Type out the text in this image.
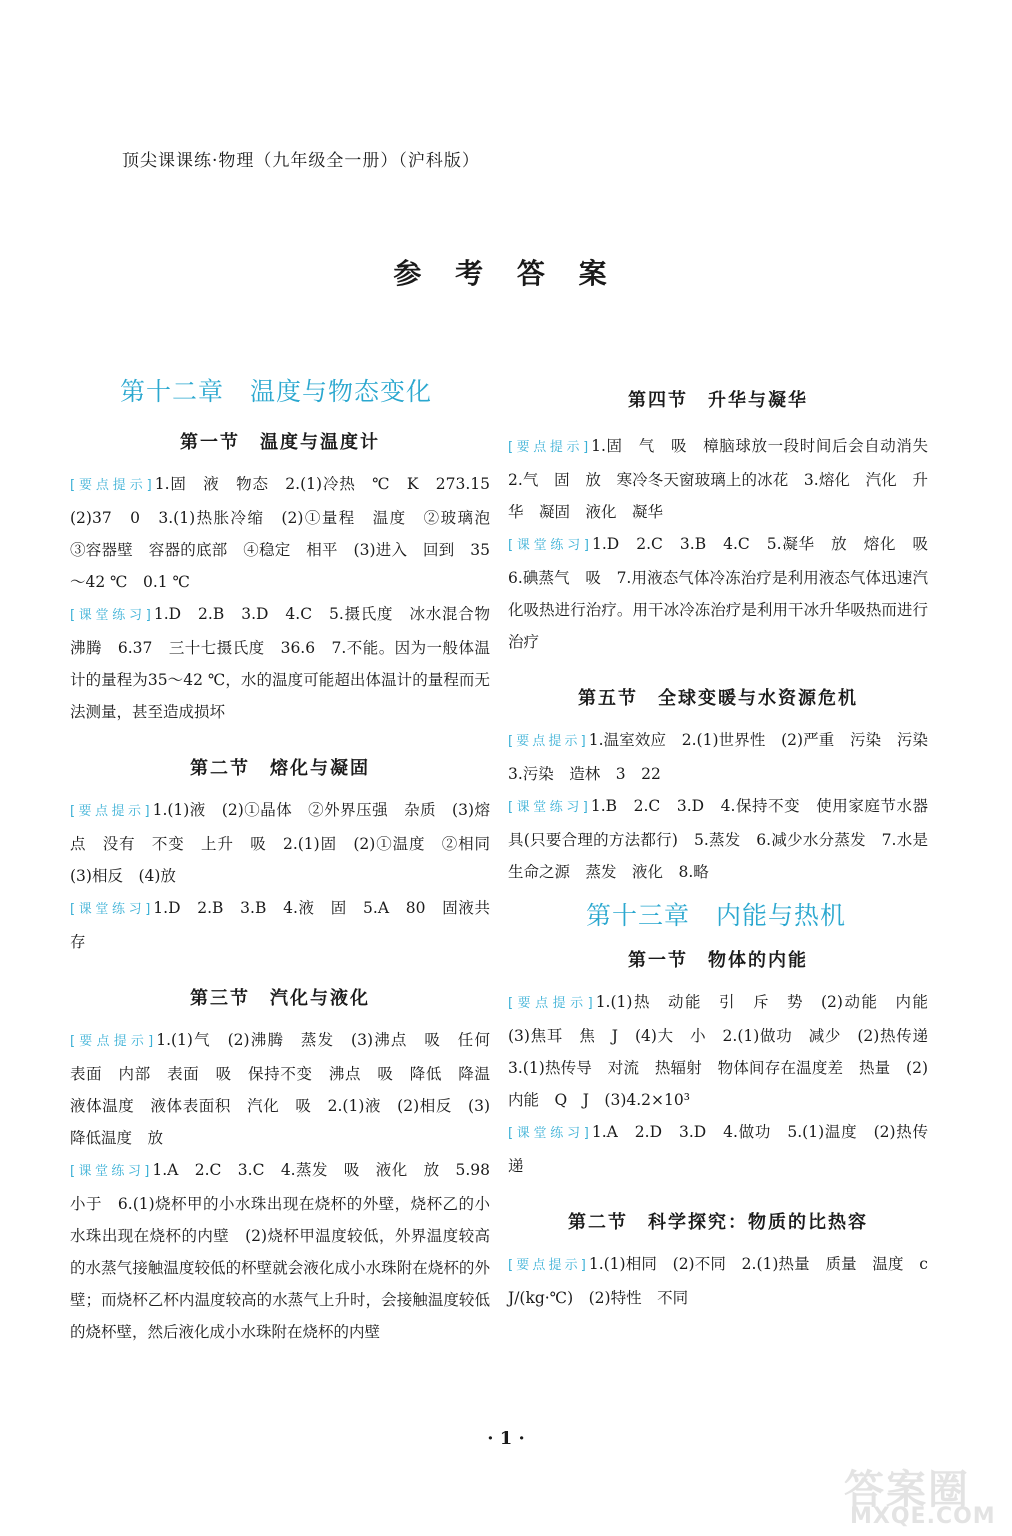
顶尖课课练·物理（九年级全一册）（沪科版）
参 考 答 案
第十二章　温度与物态变化
第一节　温度与温度计
[要点提示]1.固　液　物态　2.(1)冷热　℃　K　273.15　(2)37　0　3.(1)热胀冷缩　(2)①量程　温度　②玻璃泡　③容器壁　容器的底部　④稳定　相平　(3)进入　回到　35～42 ℃　0.1 ℃
[课堂练习]1.D　2.B　3.D　4.C　5.摄氏度　冰水混合物　沸腾　6.37　三十七摄氏度　36.6　7.不能。因为一般体温计的量程为35～42 ℃，水的温度可能超出体温计的量程而无法测量，甚至造成损坏
第二节　熔化与凝固
[要点提示]1.(1)液　(2)①晶体　②外界压强　杂质　(3)熔点　没有　不变　上升　吸　2.(1)固　(2)①温度　②相同　(3)相反　(4)放
[课堂练习]1.D　2.B　3.B　4.液　固　5.A　80　固液共存
第三节　汽化与液化
[要点提示]1.(1)气　(2)沸腾　蒸发　(3)沸点　吸　任何　表面　内部　表面　吸　保持不变　沸点　吸　降低　降温　液体温度　液体表面积　汽化　吸　2.(1)液　(2)相反　(3)降低温度　放
[课堂练习]1.A　2.C　3.C　4.蒸发　吸　液化　放　5.98　小于　6.(1)烧杯甲的小水珠出现在烧杯的外壁，烧杯乙的小水珠出现在烧杯的内壁　(2)烧杯甲温度较低，外界温度较高的水蒸气接触温度较低的杯壁就会液化成小水珠附在烧杯的外壁；而烧杯乙杯内温度较高的水蒸气上升时，会接触温度较低的烧杯壁，然后液化成小水珠附在烧杯的内壁
第四节　升华与凝华
[要点提示]1.固　气　吸　樟脑球放一段时间后会自动消失　2.气　固　放　寒冷冬天窗玻璃上的冰花　3.熔化　汽化　升华　凝固　液化　凝华
[课堂练习]1.D　2.C　3.B　4.C　5.凝华　放　熔化　吸　6.碘蒸气　吸　7.用液态气体冷冻治疗是利用液态气体迅速汽化吸热进行治疗。用干冰冷冻治疗是利用干冰升华吸热而进行治疗
第五节　全球变暖与水资源危机
[要点提示]1.温室效应　2.(1)世界性　(2)严重　污染　污染　3.污染　造林　3　22
[课堂练习]1.B　2.C　3.D　4.保持不变　使用家庭节水器具(只要合理的方法都行)　5.蒸发　6.减少水分蒸发　7.水是生命之源　蒸发　液化　8.略
第十三章　内能与热机
第一节　物体的内能
[要点提示]1.(1)热　动能　引　斥　势　(2)动能　内能　(3)焦耳　焦　J　(4)大　小　2.(1)做功　减少　(2)热传递　3.(1)热传导　对流　热辐射　物体间存在温度差　热量　(2)内能　Q　J　(3)4.2×10³
[课堂练习]1.A　2.D　3.D　4.做功　5.(1)温度　(2)热传递
第二节　科学探究：物质的比热容
[要点提示]1.(1)相同　(2)不同　2.(1)热量　质量　温度　c　J/(kg·℃)　(2)特性　不同
· 1 ·
答案圈
MXQE.COM
